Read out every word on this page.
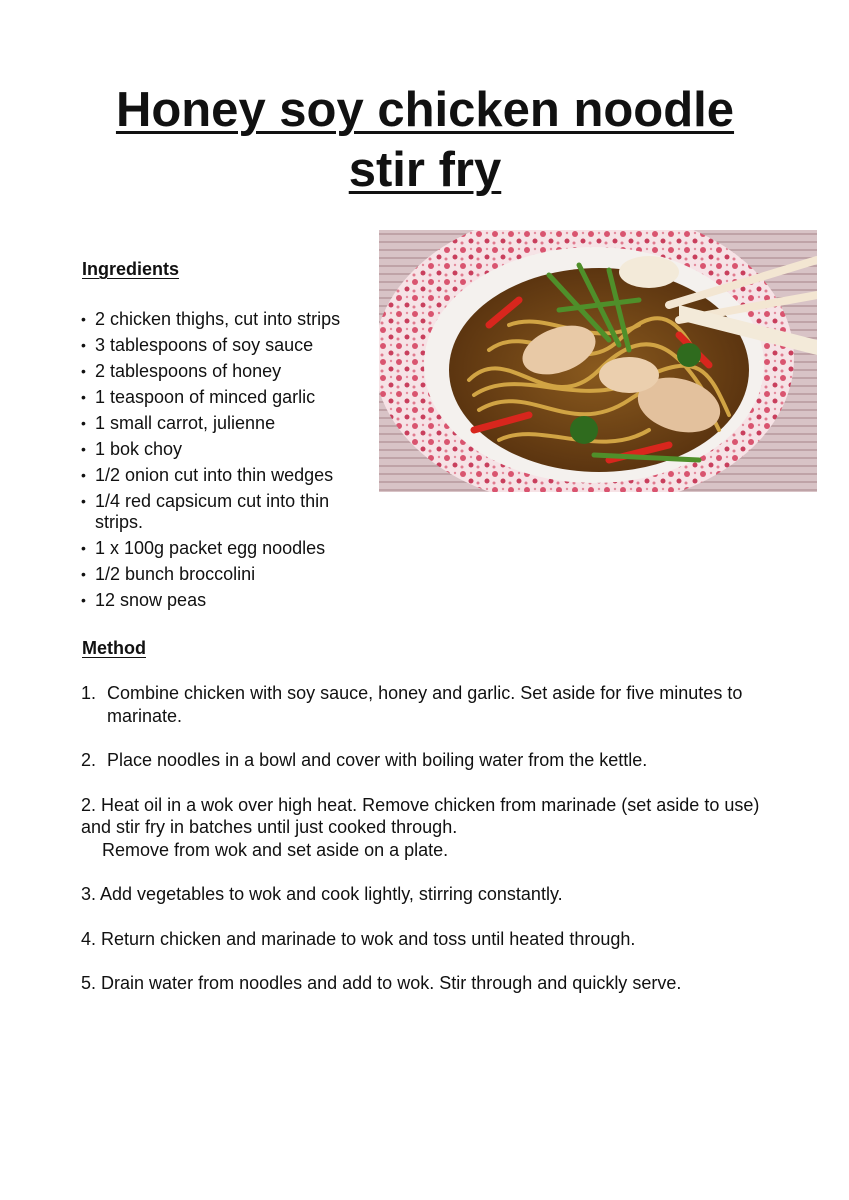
Honey soy chicken noodle
stir fry
Ingredients
• 2 chicken thighs, cut into strips
• 3 tablespoons of soy sauce
• 2 tablespoons of honey
• 1 teaspoon of minced garlic
• 1 small carrot, julienne
• 1 bok choy
• 1/2 onion cut into thin wedges
• 1/4 red capsicum cut into thin strips.
• 1 x 100g packet egg noodles
• 1/2 bunch broccolini
• 12 snow peas
Method

1. Combine chicken with soy sauce, honey and garlic. Set aside for five minutes to marinate.

2. Place noodles in a bowl and cover with boiling water from the kettle.

2. Heat oil in a wok over high heat. Remove chicken from marinade (set aside to use) and stir fry in batches until just cooked through.
Remove from wok and set aside on a plate.

3. Add vegetables to wok and cook lightly, stirring constantly.

4. Return chicken and marinade to wok and toss until heated through.

5. Drain water from noodles and add to wok. Stir through and quickly serve.
